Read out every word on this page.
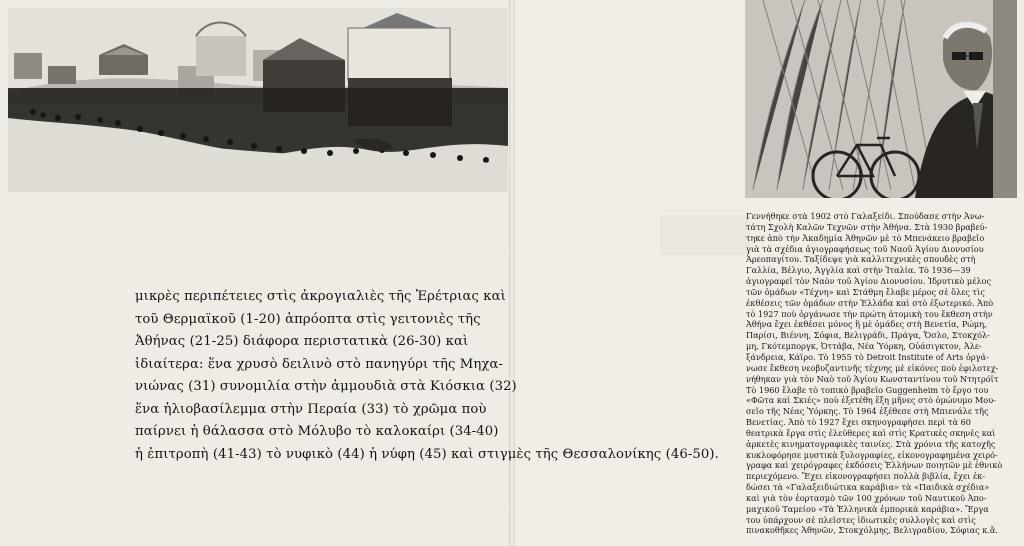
μικρὲς περιπέτειες στὶς ἀκρογιαλιὲς τῆς Ἐρέτριας καὶ

τοῦ Θερμαϊκοῦ (1-20) ἀπρόοπτα στὶς γειτονιὲς τῆς

Ἀθήνας (21-25) διάφορα περιστατικὰ (26-30) καὶ

ἰδιαίτερα: ἕνα χρυσὸ δειλινὸ στὸ πανηγύρι τῆς Μηχα-

νιώνας (31) συνομιλία στὴν ἀμμουδιὰ στὰ Κιόσκια (32)

ἕνα ἡλιοβασίλεμμα στὴν Περαία (33) τὸ χρῶμα ποὺ

παίρνει ἡ θάλασσα στὸ Μόλυβο τὸ καλοκαίρι (34-40)

ἡ ἐπιτροπὴ (41-43) τὸ νυφικὸ (44) ἡ νύφη (45) καὶ στιγμὲς τῆς Θεσσαλονίκης (46-50).

Γεννήθηκε στὰ 1902 στὸ Γαλαξείδι. Σπούδασε στὴν Ἀνω-

τάτη Σχολὴ Καλῶν Τεχνῶν στὴν Ἀθήνα. Στὰ 1930 βραβεύ-

τηκε ἀπὸ τὴν Ἀκαδημία Ἀθηνῶν μὲ τὸ Μπενάκειο βραβεῖο

γιὰ τὰ σχέδια ἁγιογραφήσεως τοῦ Ναοῦ Ἁγίου Διονυσίου

Ἀρεοπαγίτου. Ταξίδεψε γιὰ καλλιτεχνικὲς σπουδὲς στὴ

Γαλλία, Βέλγιο, Ἀγγλία καὶ στὴν Ἰταλία. Τὸ 1936—39

ἁγιογραφεῖ τὸν Ναὸν τοῦ Ἁγίου Διονυσίου. Ἱδρυτικὸ μέλος

τῶν ὁμάδων «Τέχνη» καὶ Στάθμη ἔλαβε μέρος σὲ ὅλες τὶς

ἐκθέσεις τῶν ὁμάδων στὴν Ἑλλάδα καὶ στὸ ἐξωτερικό. Ἀπὸ

τὸ 1927 ποὺ ὀργάνωσε τὴν πρώτη ἀτομικὴ του ἔκθεση στὴν

Ἀθήνα ἔχει ἐκθέσει μόνος ἢ μὲ ὁμάδες στὴ Βενετία, Ρώμη,

Παρίσι, Βιέννη, Σόφια, Βελιγράδι, Πράγα, Ὄσλο, Στοκχόλ-

μη, Γκότεμποργκ, Ὀττάβα, Νέα Ὑόρκη, Οὐάσιγκτον, Ἀλε-

ξάνδρεια, Κάϊρο. Τὸ 1955 τὸ Detroit Institute of Arts ὀργά-

νωσε ἔκθεση νεοβυζαντινῆς τέχνης μὲ εἰκόνες ποὺ ἐφιλοτεχ-

νήθηκαν γιὰ τὸν Ναὸ τοῦ Ἁγίου Κωνσταντίνου τοῦ Ντητρόϊτ

Τὸ 1960 ἔλαβε τὸ τοπικὸ βραβεῖο Guggenheim τὸ ἔργο του

«Φῶτα καὶ Σκιές» ποὺ ἐξετέθη ἕξη μῆνες στὸ ὁμώνυμο Μου-

σεῖο τῆς Νέας Ὑόρκης. Τὸ 1964 ἐξέθεσε στὴ Μπιενάλε τῆς

Βενετίας. Ἀπὸ τὸ 1927 ἔχει σκηνογραφήσει περὶ τὰ 60

θεατρικὰ ἔργα στὶς ἐλεύθερες καὶ στὶς Κρατικὲς σκηνὲς καὶ

ἀρκετὲς κινηματογραφικὲς ταινίες. Στὰ χρόνια τῆς κατοχῆς

κυκλοφόρησε μυστικὰ ξυλογραφίες, εἰκονογραφημένα χειρό-

γραφα καὶ χειρόγραφες ἐκδόσεις Ἑλλήνων ποιητῶν μὲ ἐθνικὸ

περιεχόμενο. Ἔχει εἰκονογραφήσει πολλὰ βιβλία, ἔχει ἐκ-

δώσει τὰ «Γαλαξειδιώτικα καράβια» τὰ «Παιδικὰ σχέδια»

καὶ γιὰ τὸν ἑορτασμὸ τῶν 100 χρόνων τοῦ Ναυτικοῦ Ἀπο-

μαχικοῦ Ταμείου «Τὰ Ἑλληνικὰ ἐμπορικὰ καράβια». Ἔργα

του ὑπάρχουν σὲ πλεῖστες ἰδιωτικὲς συλλογὲς καὶ στὶς

πινακοθῆκες Ἀθηνῶν, Στοκχόλμης, Βελιγραδίου, Σόφιας κ.ἄ.
